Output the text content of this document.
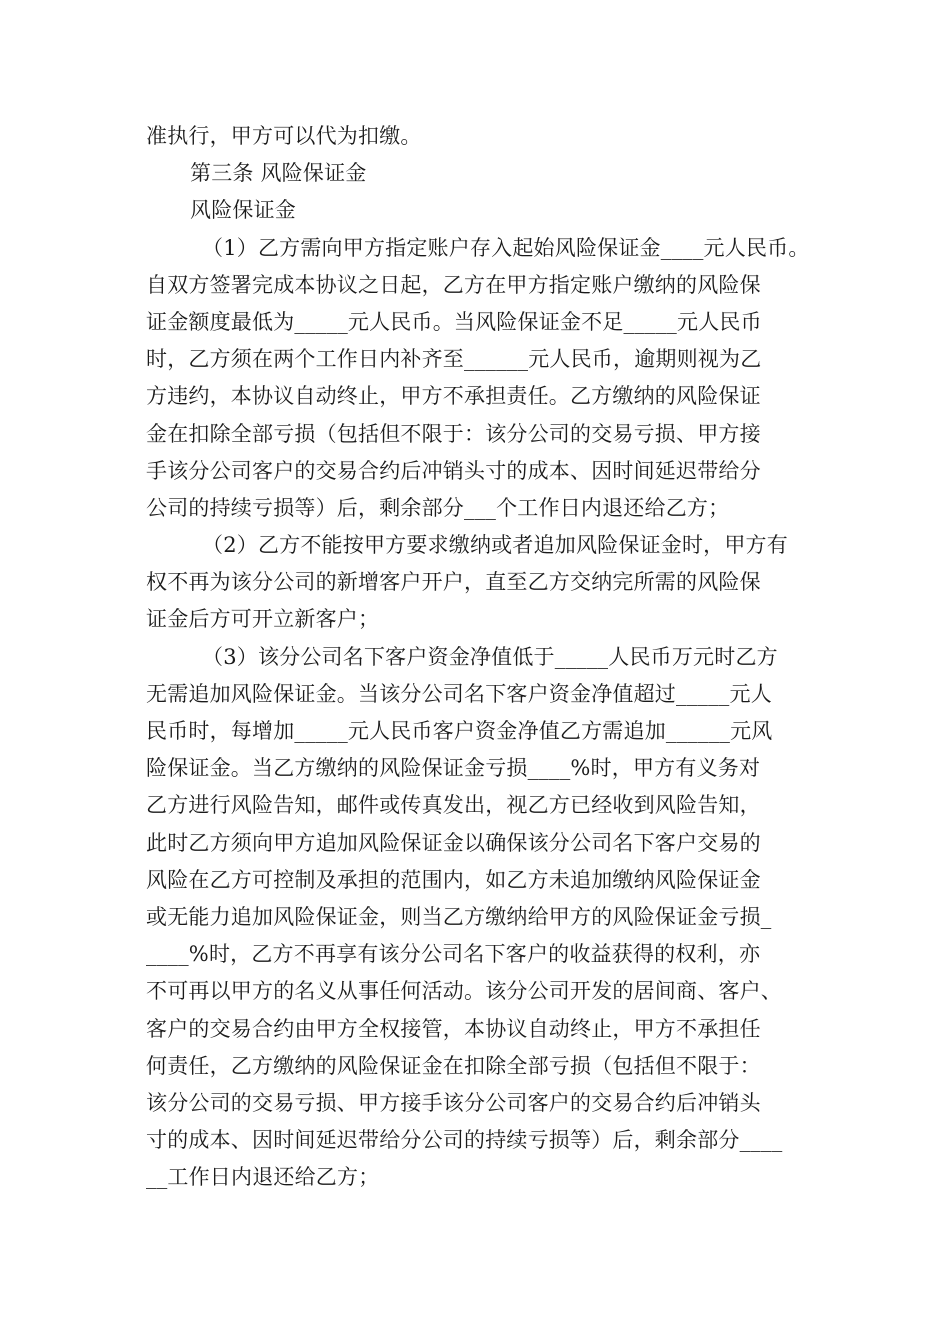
准执行，甲方可以代为扣缴。
第三条 风险保证金
风险保证金
（1）乙方需向甲方指定账户存入起始风险保证金____元人民币。
自双方签署完成本协议之日起，乙方在甲方指定账户缴纳的风险保
证金额度最低为_____元人民币。当风险保证金不足_____元人民币
时，乙方须在两个工作日内补齐至______元人民币，逾期则视为乙
方违约，本协议自动终止，甲方不承担责任。乙方缴纳的风险保证
金在扣除全部亏损（包括但不限于：该分公司的交易亏损、甲方接
手该分公司客户的交易合约后冲销头寸的成本、因时间延迟带给分
公司的持续亏损等）后，剩余部分___个工作日内退还给乙方；
（2）乙方不能按甲方要求缴纳或者追加风险保证金时，甲方有
权不再为该分公司的新增客户开户，直至乙方交纳完所需的风险保
证金后方可开立新客户；
（3）该分公司名下客户资金净值低于_____人民币万元时乙方
无需追加风险保证金。当该分公司名下客户资金净值超过_____元人
民币时，每增加_____元人民币客户资金净值乙方需追加______元风
险保证金。当乙方缴纳的风险保证金亏损____%时，甲方有义务对
乙方进行风险告知，邮件或传真发出，视乙方已经收到风险告知，
此时乙方须向甲方追加风险保证金以确保该分公司名下客户交易的
风险在乙方可控制及承担的范围内，如乙方未追加缴纳风险保证金
或无能力追加风险保证金，则当乙方缴纳给甲方的风险保证金亏损_
____%时，乙方不再享有该分公司名下客户的收益获得的权利，亦
不可再以甲方的名义从事任何活动。该分公司开发的居间商、客户、
客户的交易合约由甲方全权接管，本协议自动终止，甲方不承担任
何责任，乙方缴纳的风险保证金在扣除全部亏损（包括但不限于：
该分公司的交易亏损、甲方接手该分公司客户的交易合约后冲销头
寸的成本、因时间延迟带给分公司的持续亏损等）后，剩余部分____
__工作日内退还给乙方；
